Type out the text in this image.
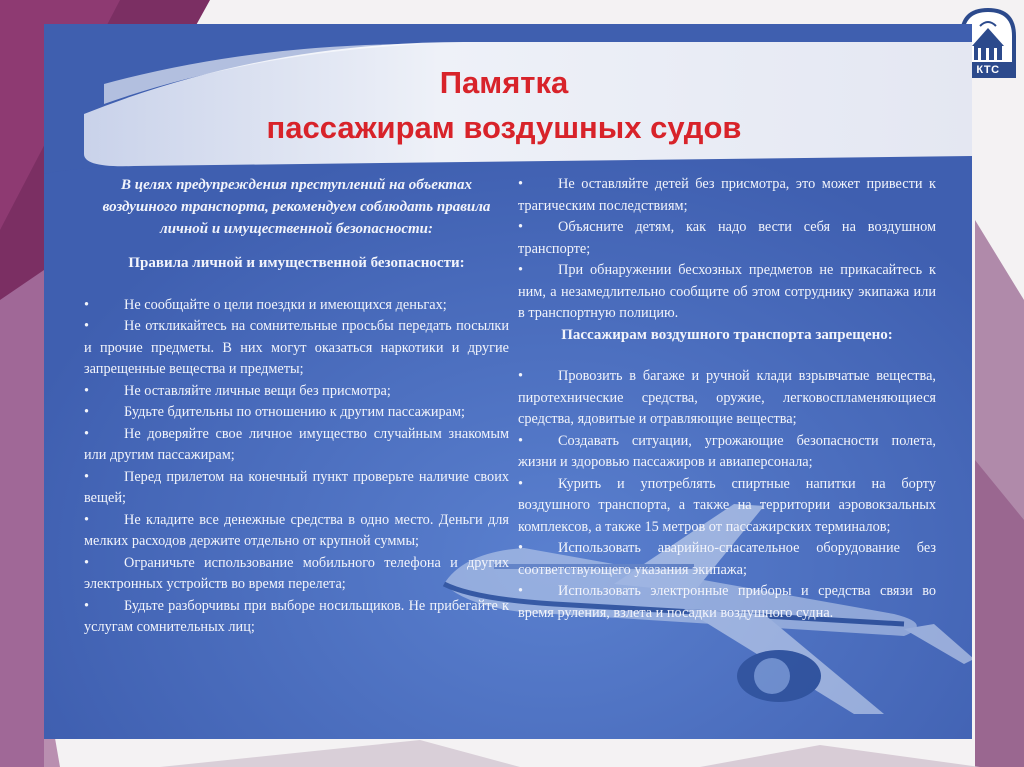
КТС
Памятка
пассажирам воздушных судов

В целях предупреждения преступлений на объектах воздушного транспорта, рекомендуем соблюдать правила личной и имущественной безопасности:

Правила личной и имущественной безопасности:

•	Не сообщайте о цели поездки и имеющихся деньгах;
•	Не откликайтесь на сомнительные просьбы передать посылки и прочие предметы. В них могут оказаться наркотики и другие запрещенные вещества и предметы;
•	Не оставляйте личные вещи без присмотра;
•	Будьте бдительны по отношению к другим пассажирам;
•	Не доверяйте свое личное имущество случайным знакомым или другим пассажирам;
•	Перед прилетом на конечный пункт проверьте наличие своих вещей;
•	Не кладите все денежные средства в одно место. Деньги для мелких расходов держите отдельно от крупной суммы;
•	Ограничьте использование мобильного телефона и других электронных устройств во время перелета;
•	Будьте разборчивы при выборе носильщиков. Не прибегайте к услугам сомнительных лиц;
•	Не оставляйте детей без присмотра, это может привести к трагическим последствиям;
•	Объясните детям, как надо вести себя на воздушном транспорте;
•	При обнаружении бесхозных предметов не прикасайтесь к ним, а незамедлительно сообщите об этом сотруднику экипажа или в транспортную полицию.

Пассажирам воздушного транспорта запрещено:

•	Провозить в багаже и ручной клади взрывчатые вещества, пиротехнические средства, оружие, легковоспламеняющиеся средства, ядовитые и отравляющие вещества;
•	Создавать ситуации, угрожающие безопасности полета, жизни и здоровью пассажиров и авиаперсонала;
•	Курить и употреблять спиртные напитки на борту воздушного транспорта, а также на территории аэровокзальных комплексов, а также 15 метров от пассажирских терминалов;
•	Использовать аварийно-спасательное оборудование без соответствующего указания экипажа;
•	Использовать электронные приборы и средства связи во время руления, взлета и посадки воздушного судна.
